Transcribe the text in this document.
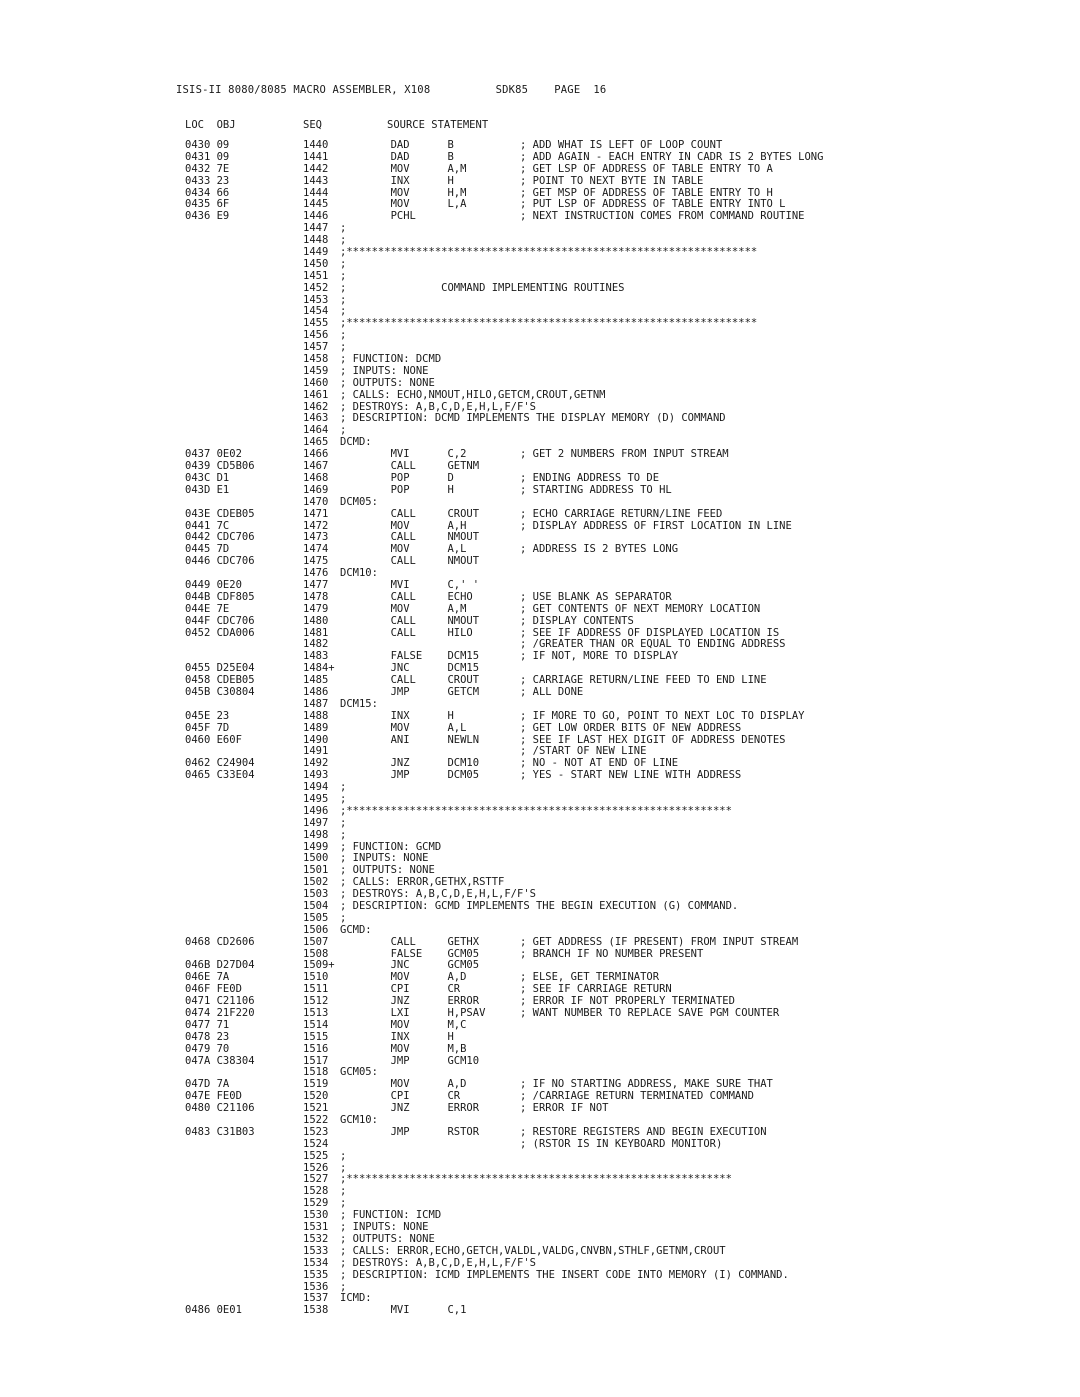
ISIS-II 8080/8085 MACRO ASSEMBLER, X108	SDK85 PAGE 16
LOC  OBJ	SEQ	SOURCE STATEMENT
0430 09	1440 DAD      B	; ADD WHAT IS LEFT OF LOOP COUNT
0431 09	1441 DAD      B	; ADD AGAIN - EACH ENTRY IN CADR IS 2 BYTES LONG
0432 7E	1442 MOV      A,M	; GET LSP OF ADDRESS OF TABLE ENTRY TO A
0433 23	1443 INX      H	; POINT TO NEXT BYTE IN TABLE
0434 66	1444 MOV      H,M	; GET MSP OF ADDRESS OF TABLE ENTRY TO H
0435 6F	1445 MOV      L,A	; PUT LSP OF ADDRESS OF TABLE ENTRY INTO L
0436 E9	1446 PCHL	; NEXT INSTRUCTION COMES FROM COMMAND ROUTINE
1447 ;
1448 ;
1449 ;*****************************************************************
1450 ;
1451 ;
1452 ;               COMMAND IMPLEMENTING ROUTINES
1453 ;
1454 ;
1455 ;*****************************************************************
1456 ;
1457 ;
1458 ; FUNCTION: DCMD
1459 ; INPUTS: NONE
1460 ; OUTPUTS: NONE
1461 ; CALLS: ECHO,NMOUT,HILO,GETCM,CROUT,GETNM
1462 ; DESTROYS: A,B,C,D,E,H,L,F/F'S
1463 ; DESCRIPTION: DCMD IMPLEMENTS THE DISPLAY MEMORY (D) COMMAND
1464 ;
1465 DCMD:
0437 0E02	1466 MVI      C,2	; GET 2 NUMBERS FROM INPUT STREAM
0439 CD5B06	1467 CALL     GETNM
043C D1	1468 POP      D	; ENDING ADDRESS TO DE
043D E1	1469 POP      H	; STARTING ADDRESS TO HL
1470 DCM05:
043E CDEB05	1471 CALL     CROUT	; ECHO CARRIAGE RETURN/LINE FEED
0441 7C	1472 MOV      A,H	; DISPLAY ADDRESS OF FIRST LOCATION IN LINE
0442 CDC706	1473 CALL     NMOUT
0445 7D	1474 MOV      A,L	; ADDRESS IS 2 BYTES LONG
0446 CDC706	1475 CALL     NMOUT
1476 DCM10:
0449 0E20	1477 MVI      C,' '
044B CDF805	1478 CALL     ECHO	; USE BLANK AS SEPARATOR
044E 7E	1479 MOV      A,M	; GET CONTENTS OF NEXT MEMORY LOCATION
044F CDC706	1480 CALL     NMOUT	; DISPLAY CONTENTS
0452 CDA006	1481 CALL     HILO	; SEE IF ADDRESS OF DISPLAYED LOCATION IS
1482	; /GREATER THAN OR EQUAL TO ENDING ADDRESS
1483 FALSE    DCM15	; IF NOT, MORE TO DISPLAY
0455 D25E04	1484+ JNC      DCM15
0458 CDEB05	1485 CALL     CROUT	; CARRIAGE RETURN/LINE FEED TO END LINE
045B C30804	1486 JMP      GETCM	; ALL DONE
1487 DCM15:
045E 23	1488 INX      H	; IF MORE TO GO, POINT TO NEXT LOC TO DISPLAY
045F 7D	1489 MOV      A,L	; GET LOW ORDER BITS OF NEW ADDRESS
0460 E60F	1490 ANI      NEWLN	; SEE IF LAST HEX DIGIT OF ADDRESS DENOTES
1491	; /START OF NEW LINE
0462 C24904	1492 JNZ      DCM10	; NO - NOT AT END OF LINE
0465 C33E04	1493 JMP      DCM05	; YES - START NEW LINE WITH ADDRESS
1494 ;
1495 ;
1496 ;*************************************************************
1497 ;
1498 ;
1499 ; FUNCTION: GCMD
1500 ; INPUTS: NONE
1501 ; OUTPUTS: NONE
1502 ; CALLS: ERROR,GETHX,RSTTF
1503 ; DESTROYS: A,B,C,D,E,H,L,F/F'S
1504 ; DESCRIPTION: GCMD IMPLEMENTS THE BEGIN EXECUTION (G) COMMAND.
1505 ;
1506 GCMD:
0468 CD2606	1507 CALL     GETHX	; GET ADDRESS (IF PRESENT) FROM INPUT STREAM
1508 FALSE    GCM05	; BRANCH IF NO NUMBER PRESENT
046B D27D04	1509+ JNC      GCM05
046E 7A	1510 MOV      A,D	; ELSE, GET TERMINATOR
046F FE0D	1511 CPI      CR	; SEE IF CARRIAGE RETURN
0471 C21106	1512 JNZ      ERROR	; ERROR IF NOT PROPERLY TERMINATED
0474 21F220	1513 LXI      H,PSAV	; WANT NUMBER TO REPLACE SAVE PGM COUNTER
0477 71	1514 MOV      M,C
0478 23	1515 INX      H
0479 70	1516 MOV      M,B
047A C38304	1517 JMP      GCM10
1518 GCM05:
047D 7A	1519 MOV      A,D	; IF NO STARTING ADDRESS, MAKE SURE THAT
047E FE0D	1520 CPI      CR	; /CARRIAGE RETURN TERMINATED COMMAND
0480 C21106	1521 JNZ      ERROR	; ERROR IF NOT
1522 GCM10:
0483 C31B03	1523 JMP      RSTOR	; RESTORE REGISTERS AND BEGIN EXECUTION
1524	; (RSTOR IS IN KEYBOARD MONITOR)
1525 ;
1526 ;
1527 ;*************************************************************
1528 ;
1529 ;
1530 ; FUNCTION: ICMD
1531 ; INPUTS: NONE
1532 ; OUTPUTS: NONE
1533 ; CALLS: ERROR,ECHO,GETCH,VALDL,VALDG,CNVBN,STHLF,GETNM,CROUT
1534 ; DESTROYS: A,B,C,D,E,H,L,F/F'S
1535 ; DESCRIPTION: ICMD IMPLEMENTS THE INSERT CODE INTO MEMORY (I) COMMAND.
1536 ;
1537 ICMD:
0486 0E01	1538 MVI      C,1
